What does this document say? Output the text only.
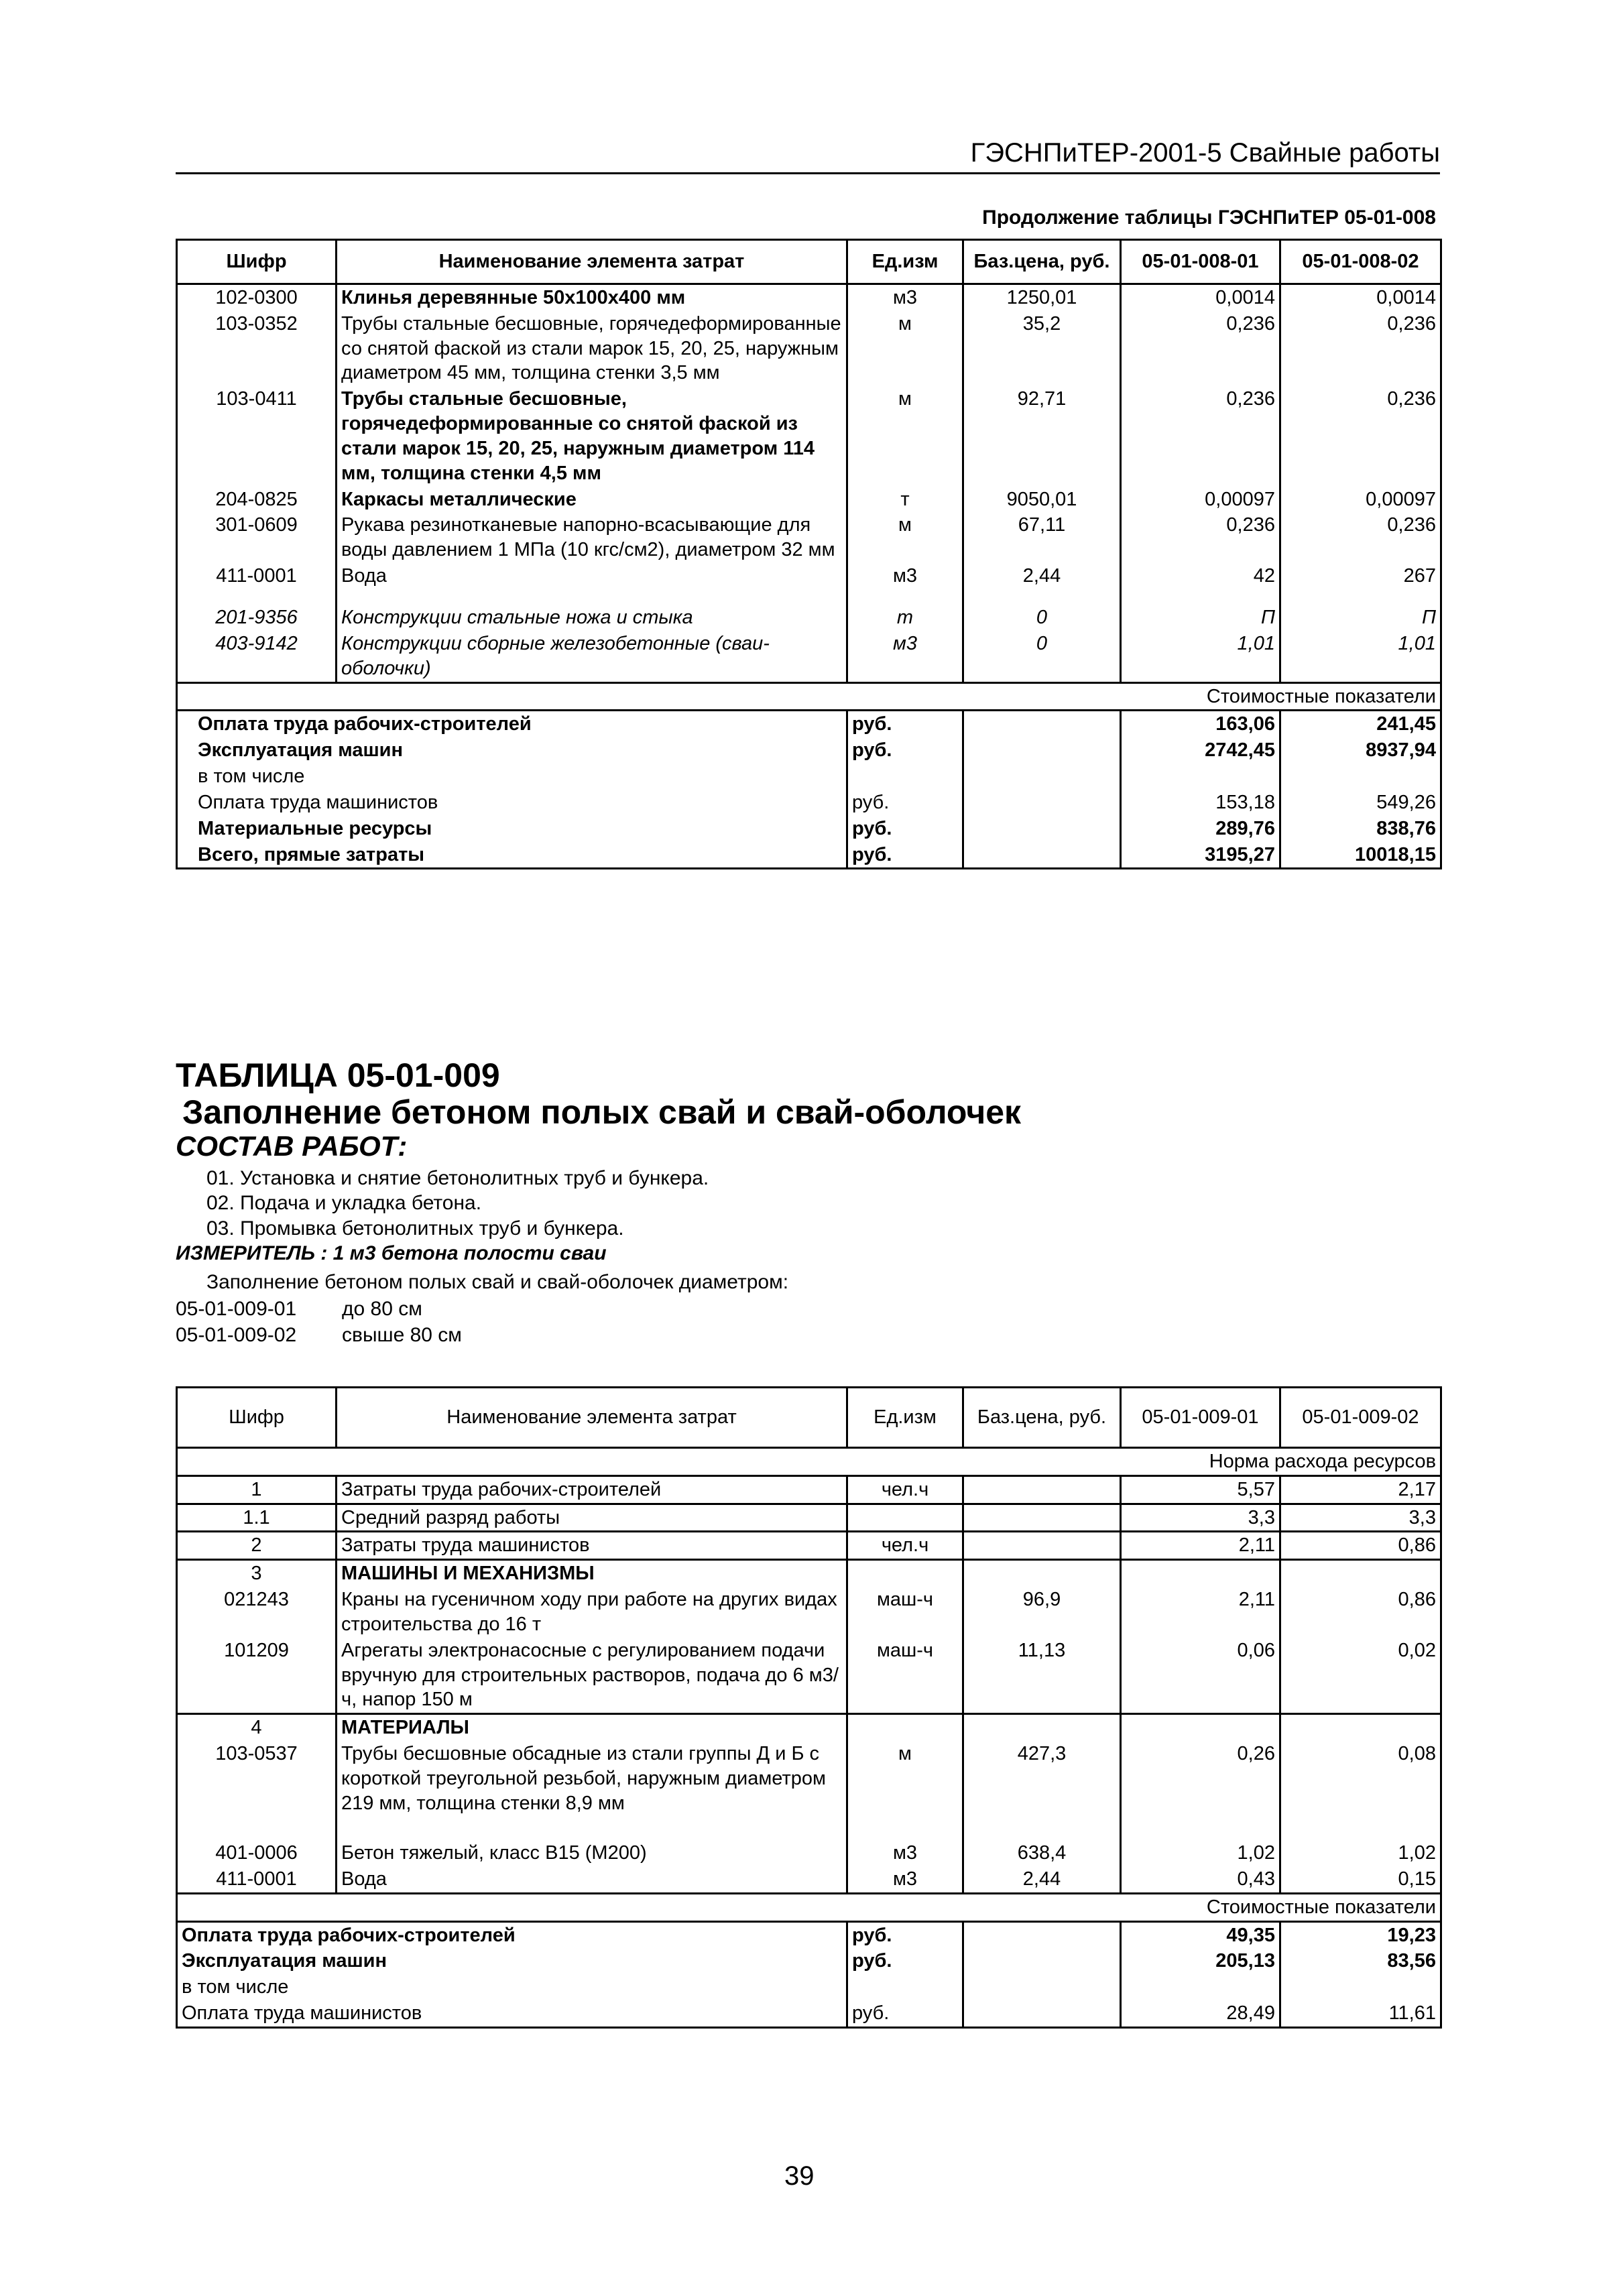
ГЭСНПиТЕР-2001-5 Свайные работы
Продолжение таблицы ГЭСНПиТЕР 05-01-008
Шифр	Наименование элемента затрат	Ед.изм	Баз.цена, руб.	05-01-008-01	05-01-008-02
102-0300	Клинья деревянные 50х100х400 мм	м3	1250,01	0,0014	0,0014
103-0352	Трубы стальные бесшовные, горячедеформированные со снятой фаской из стали марок 15, 20, 25, наружным диаметром 45 мм, толщина стенки 3,5 мм	м	35,2	0,236	0,236
103-0411	Трубы стальные бесшовные, горячедеформированные со снятой фаской из стали марок 15, 20, 25, наружным диаметром 114 мм, толщина стенки 4,5 мм	м	92,71	0,236	0,236
204-0825	Каркасы металлические	т	9050,01	0,00097	0,00097
301-0609	Рукава резинотканевые напорно-всасывающие для воды давлением 1 МПа (10 кгс/см2), диаметром 32 мм	м	67,11	0,236	0,236
411-0001	Вода	м3	2,44	42	267
201-9356	Конструкции стальные ножа и стыка	т	0	П	П
403-9142	Конструкции сборные железобетонные (сваи-оболочки)	м3	0	1,01	1,01
Стоимостные показатели					
Оплата труда рабочих-строителей		руб.		163,06	241,45
Эксплуатация машин		руб.		2742,45	8937,94
в том числе					
Оплата труда машинистов		руб.		153,18	549,26
Материальные ресурсы		руб.		289,76	838,76
Всего, прямые затраты		руб.		3195,27	10018,15
ТАБЛИЦА 05-01-009
Заполнение бетоном полых свай и свай-оболочек
СОСТАВ РАБОТ:
01. Установка и снятие бетонолитных труб и бункера.
02. Подача и укладка бетона.
03. Промывка бетонолитных труб и бункера.
ИЗМЕРИТЕЛЬ : 1 м3 бетона полости сваи
Заполнение бетоном полых свай и свай-оболочек диаметром:
05-01-009-01 до 80 см
05-01-009-02 свыше 80 см
Шифр	Наименование элемента затрат	Ед.изм	Баз.цена, руб.	05-01-009-01	05-01-009-02
Норма расхода ресурсов					
1	Затраты труда рабочих-строителей	чел.ч		5,57	2,17
1.1	Средний разряд работы			3,3	3,3
2	Затраты труда машинистов	чел.ч		2,11	0,86
3	МАШИНЫ И МЕХАНИЗМЫ				
021243	Краны на гусеничном ходу при работе на других видах строительства до 16 т	маш-ч	96,9	2,11	0,86
101209	Агрегаты электронасосные с регулированием подачи вручную для строительных растворов, подача до 6 м3/ч, напор 150 м	маш-ч	11,13	0,06	0,02
4	МАТЕРИАЛЫ				
103-0537	Трубы бесшовные обсадные из стали группы Д и Б с короткой треугольной резьбой, наружным диаметром 219 мм, толщина стенки 8,9 мм	м	427,3	0,26	0,08
401-0006	Бетон тяжелый, класс B15 (M200)	м3	638,4	1,02	1,02
411-0001	Вода	м3	2,44	0,43	0,15
Стоимостные показатели					
Оплата труда рабочих-строителей		руб.		49,35	19,23
Эксплуатация машин		руб.		205,13	83,56
в том числе					
Оплата труда машинистов		руб.		28,49	11,61
39
